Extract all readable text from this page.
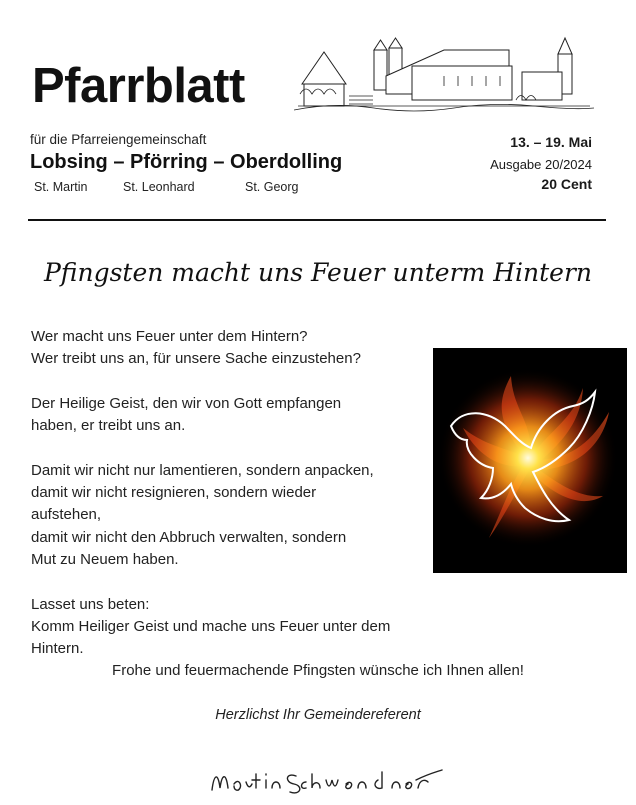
Pfarrblatt
für die Pfarreiengemeinschaft
Lobsing – Pförring – Oberdolling
St. Martin	St. Leonhard	St. Georg
13. – 19. Mai
Ausgabe 20/2024
20 Cent
Pfingsten macht uns Feuer unterm Hintern

Wer macht uns Feuer unter dem Hintern?
Wer treibt uns an, für unsere Sache einzustehen?

Der Heilige Geist, den wir von Gott empfangen
haben, er treibt uns an.

Damit wir nicht nur lamentieren, sondern anpacken,
damit wir nicht resignieren, sondern wieder
aufstehen,
damit wir nicht den Abbruch verwalten, sondern
Mut zu Neuem haben.

Lasset uns beten:
Komm Heiliger Geist und mache uns Feuer unter dem Hintern.

Frohe und feuermachende Pfingsten wünsche ich Ihnen allen!
Herzlichst Ihr Gemeindereferent
